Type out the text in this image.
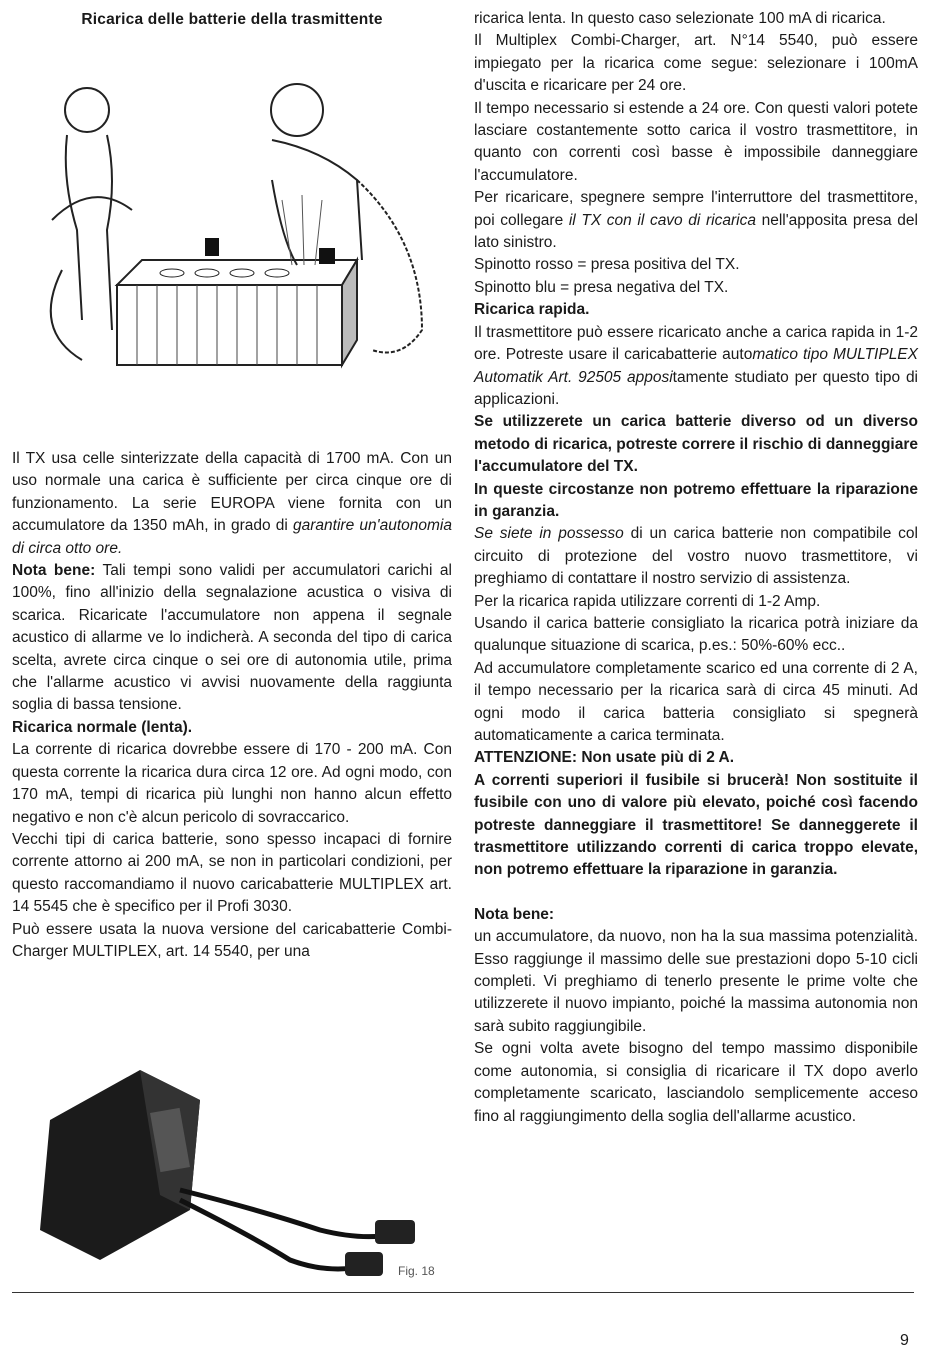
Ricarica delle batterie della trasmittente

Il TX usa celle sinterizzate della capacità di 1700 mA. Con un uso normale una carica è sufficiente per circa cinque ore di funzionamento. La serie EUROPA viene fornita con un accumulatore da 1350 mAh, in grado di garantire un'autonomia di circa otto ore.

Nota bene: Tali tempi sono validi per accumulatori carichi al 100%, fino all'inizio della segnalazione acustica o visiva di scarica. Ricaricate l'accumulatore non appena il segnale acustico di allarme ve lo indicherà. A seconda del tipo di carica scelta, avrete circa cinque o sei ore di autonomia utile, prima che l'allarme acustico vi avvisi nuovamente della raggiunta soglia di bassa tensione.

Ricarica normale (lenta).

La corrente di ricarica dovrebbe essere di 170 - 200 mA. Con questa corrente la ricarica dura circa 12 ore. Ad ogni modo, con 170 mA, tempi di ricarica più lunghi non hanno alcun effetto negativo e non c'è alcun pericolo di sovraccarico.

Vecchi tipi di carica batterie, sono spesso incapaci di fornire corrente attorno ai 200 mA, se non in particolari condizioni, per questo raccomandiamo il nuovo caricabatterie MULTIPLEX art. 14 5545 che è specifico per il Profi 3030.

Può essere usata la nuova versione del caricabatterie Combi-Charger MULTIPLEX, art. 14 5540, per una

ricarica lenta. In questo caso selezionate 100 mA di ricarica.

Il Multiplex Combi-Charger, art. N°14 5540, può essere impiegato per la ricarica come segue: selezionare i 100mA d'uscita e ricaricare per 24 ore.

Il tempo necessario si estende a 24 ore. Con questi valori potete lasciare costantemente sotto carica il vostro trasmettitore, in quanto con correnti così basse è impossibile danneggiare l'accumulatore.

Per ricaricare, spegnere sempre l'interruttore del trasmettitore, poi collegare il TX con il cavo di ricarica nell'apposita presa del lato sinistro.

Spinotto rosso = presa positiva del TX.

Spinotto blu = presa negativa del TX.

Ricarica rapida.

Il trasmettitore può essere ricaricato anche a carica rapida in 1-2 ore. Potreste usare il caricabatterie automatico tipo MULTIPLEX Automatik Art. 92505 appositamente studiato per questo tipo di applicazioni.

Se utilizzerete un carica batterie diverso od un diverso metodo di ricarica, potreste correre il rischio di danneggiare l'accumulatore del TX.

In queste circostanze non potremo effettuare la riparazione in garanzia.

Se siete in possesso di un carica batterie non compatibile col circuito di protezione del vostro nuovo trasmettitore, vi preghiamo di contattare il nostro servizio di assistenza.

Per la ricarica rapida utilizzare correnti di 1-2 Amp.

Usando il carica batterie consigliato la ricarica potrà iniziare da qualunque situazione di scarica, p.es.: 50%-60% ecc..

Ad accumulatore completamente scarico ed una corrente di 2 A, il tempo necessario per la ricarica sarà di circa 45 minuti. Ad ogni modo il carica batteria consigliato si spegnerà automaticamente a carica terminata.

ATTENZIONE: Non usate più di 2 A.

A correnti superiori il fusibile si brucerà! Non sostituite il fusibile con uno di valore più elevato, poiché così facendo potreste danneggiare il trasmettitore! Se danneggerete il trasmettitore utilizzando correnti di carica troppo elevate, non potremo effettuare la riparazione in garanzia.

Nota bene:

un accumulatore, da nuovo, non ha la sua massima potenzialità. Esso raggiunge il massimo delle sue prestazioni dopo 5-10 cicli completi. Vi preghiamo di tenerlo presente le prime volte che utilizzerete il nuovo impianto, poiché la massima autonomia non sarà subito raggiungibile.

Se ogni volta avete bisogno del tempo massimo disponibile come autonomia, si consiglia di ricaricare il TX dopo averlo completamente scaricato, lasciandolo semplicemente acceso fino al raggiungimento della soglia dell'allarme acustico.

Fig. 18
9
